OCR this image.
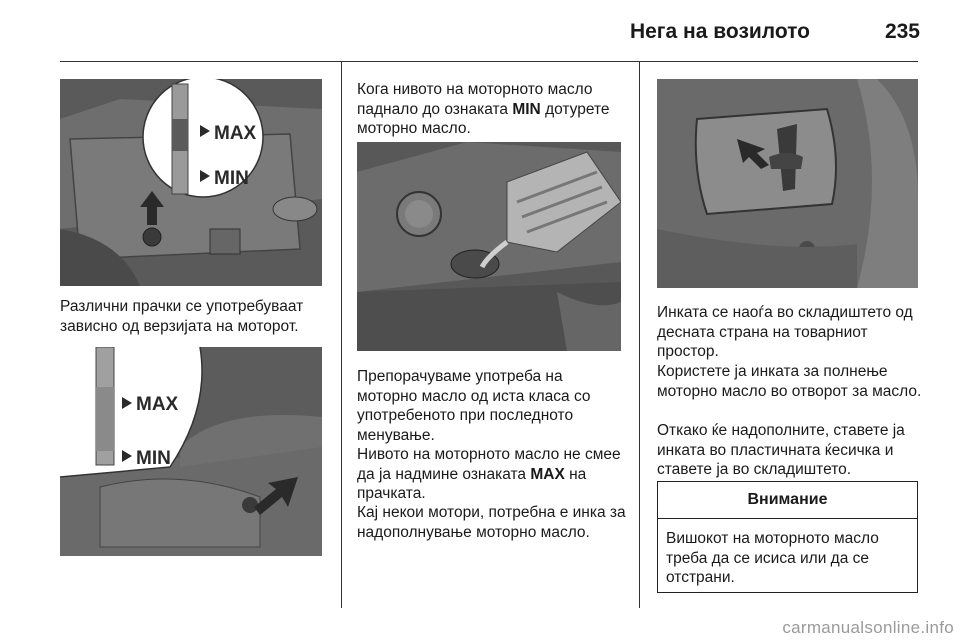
Нега на возилото	235
MAX
MIN

Различни прачки се употребуваат зависно од верзијата на моторот.

MAX
MIN

Кога нивото на моторното масло паднало до ознаката MIN дотурете моторно масло.

Препорачуваме употреба на моторно масло од иста класа со употребеното при последното менување.

Нивото на моторното масло не смее да ја надмине ознаката MAX на прачката.

Кај некои мотори, потребна е инка за надополнување моторно масло.

Инката се наоѓа во складиштето од десната страна на товарниот простор.

Користете ја инката за полнење моторно масло во отворот за масло.

Откако ќе надополните, ставете ја инката во пластичната ќесичка и ставете ја во складиштето.

Внимание
Вишокот на моторното масло треба да се исиса или да се отстрани.
carmanualsonline.info
